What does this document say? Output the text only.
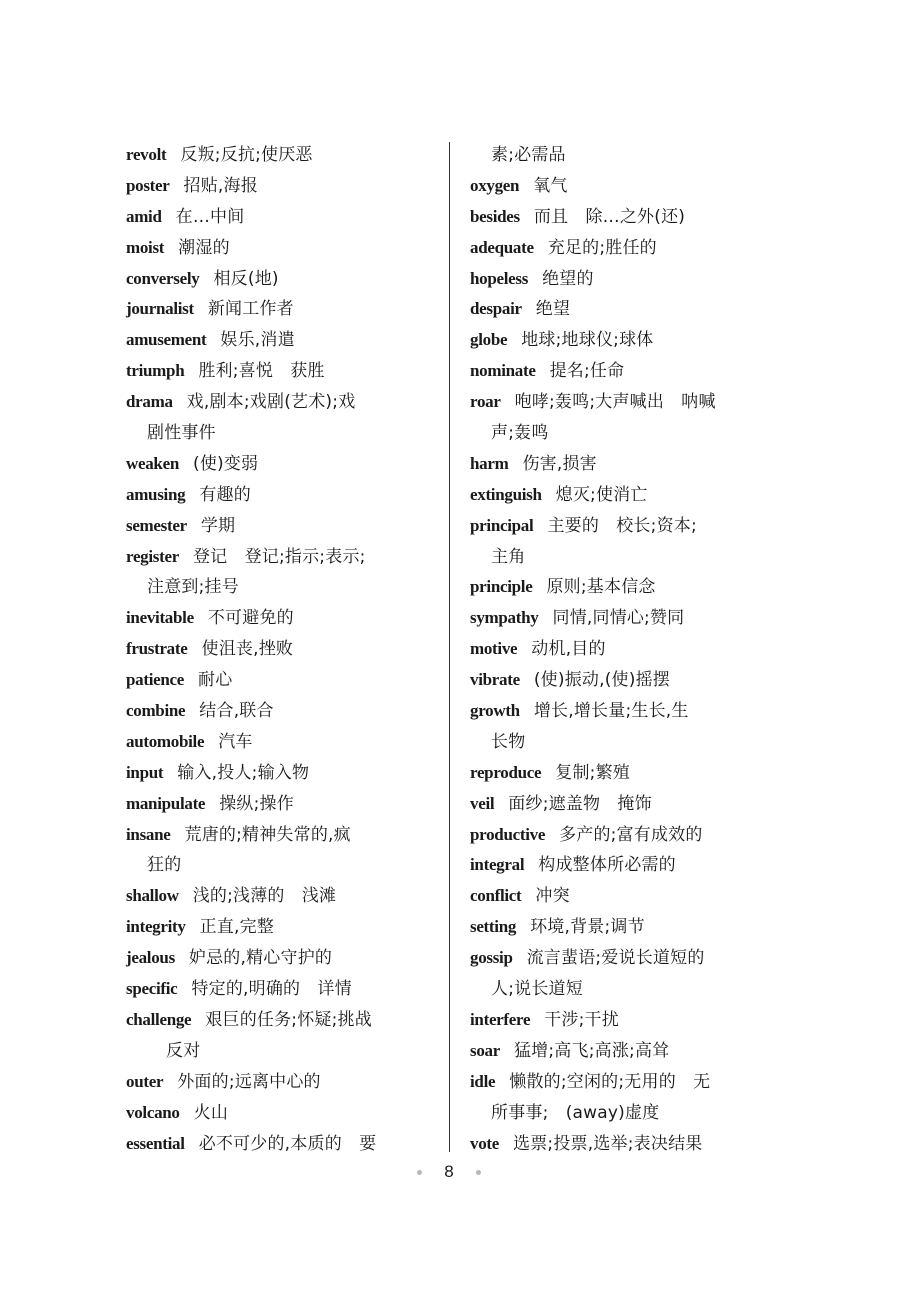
revolt 反叛;反抗;使厌恶
poster 招贴,海报
amid 在…中间
moist 潮湿的
conversely 相反(地)
journalist 新闻工作者
amusement 娱乐,消遣
triumph 胜利;喜悦　获胜
drama 戏,剧本;戏剧(艺术);戏
剧性事件
weaken (使)变弱
amusing 有趣的
semester 学期
register 登记　登记;指示;表示;
注意到;挂号
inevitable 不可避免的
frustrate 使沮丧,挫败
patience 耐心
combine 结合,联合
automobile 汽车
input 输入,投人;输入物
manipulate 操纵;操作
insane 荒唐的;精神失常的,疯
狂的
shallow 浅的;浅薄的　浅滩
integrity 正直,完整
jealous 妒忌的,精心守护的
specific 特定的,明确的　详情
challenge 艰巨的任务;怀疑;挑战
反对
outer 外面的;远离中心的
volcano 火山
essential 必不可少的,本质的　要
素;必需品
oxygen 氧气
besides 而且　除…之外(还)
adequate 充足的;胜任的
hopeless 绝望的
despair 绝望
globe 地球;地球仪;球体
nominate 提名;任命
roar 咆哮;轰鸣;大声喊出　呐喊
声;轰鸣
harm 伤害,损害
extinguish 熄灭;使消亡
principal 主要的　校长;资本;
主角
principle 原则;基本信念
sympathy 同情,同情心;赞同
motive 动机,目的
vibrate (使)振动,(使)摇摆
growth 增长,增长量;生长,生
长物
reproduce 复制;繁殖
veil 面纱;遮盖物　掩饰
productive 多产的;富有成效的
integral 构成整体所必需的
conflict 冲突
setting 环境,背景;调节
gossip 流言蜚语;爱说长道短的
人;说长道短
interfere 干涉;干扰
soar 猛增;高飞;高涨;高耸
idle 懒散的;空闲的;无用的　无
所事事;　(away)虚度
vote 选票;投票,选举;表决结果
8
